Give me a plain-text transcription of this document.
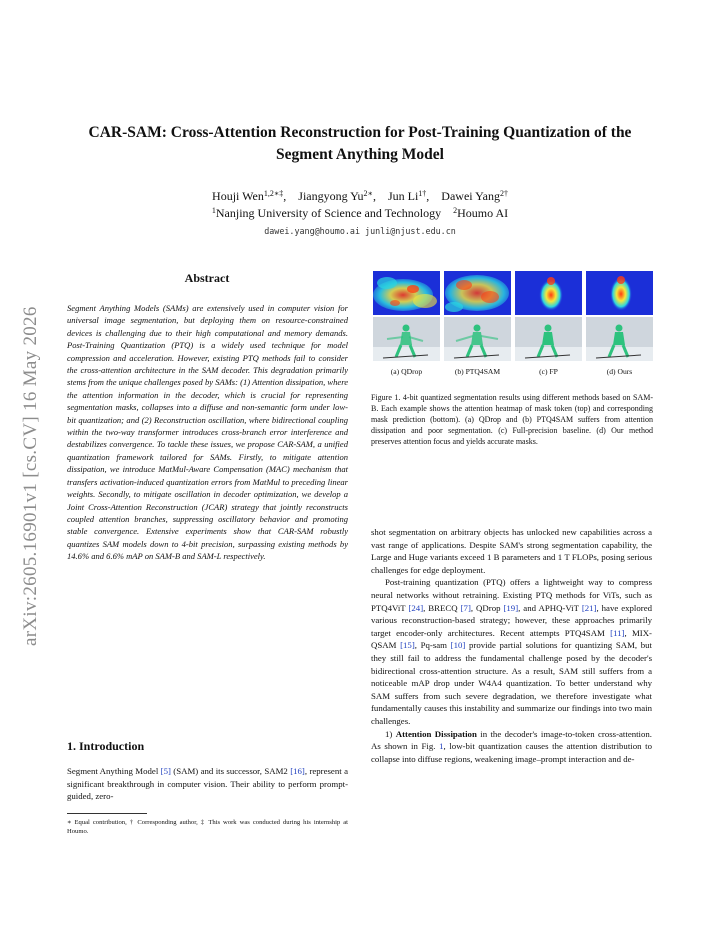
arXiv:2605.16901v1 [cs.CV] 16 May 2026
CAR-SAM: Cross-Attention Reconstruction for Post-Training Quantization of the Segment Anything Model
Houji Wen$^{1,2∗\ddagger}$,    Jiangyong $Yu^{2∗}$,    Jun $Li^{1\dagger}$,    Dawei Yang$^{2\dagger}$
$^1$Nanjing University of Science and Technology $^2$Houmo AI
dawei.yang@houmo.ai junli@njust.edu.cn
Abstract
Segment Anything Models (SAMs) are extensively used in computer vision for universal image segmentation, but deploying them on resource-constrained devices is challenging due to their high computational and memory demands. Post-Training Quantization (PTQ) is a widely used technique for model compression and acceleration. However, existing PTQ methods fail to consider the cross-attention architecture in the SAM decoder. This degradation primarily stems from the unique challenges posed by SAMs: (1) Attention dissipation, where the attention information in the decoder, which is crucial for representing segmentation masks, collapses into a diffuse and non-semantic form under low-bit quantization; and (2) Reconstruction oscillation, where bidirectional coupling within the two-way transformer introduces cross-branch error interference and destabilizes convergence. To tackle these issues, we propose CAR-SAM, a unified quantization framework tailored for SAMs. Firstly, to mitigate attention dissipation, we introduce MatMul-Aware Compensation (MAC) mechanism that transfers activation-induced quantization errors from MatMul to preceding linear weights. Secondly, to mitigate oscillation in decoder optimization, we develop a Joint Cross-Attention Reconstruction (JCAR) strategy that jointly reconstructs coupled attention branches, suppressing oscillatory behavior and promoting stable convergence. Extensive experiments show that CAR-SAM robustly quantizes SAM models down to 4-bit precision, surpassing existing methods by 14.6% and 6.6% mAP on SAM-B and SAM-L respectively.
1. Introduction
Segment Anything Model [5] (SAM) and its successor, SAM2 [16], represent a significant breakthrough in computer vision. Their ability to perform prompt-guided, zero-
∗ Equal contribution, † Corresponding author, ‡ This work was conducted during his internship at Houmo.
(a) QDrop	(b) PTQ4SAM	(c) FP	(d) Ours
Figure 1. 4-bit quantized segmentation results using different methods based on SAM-B. Each example shows the attention heatmap of mask token (top) and corresponding mask prediction (bottom). (a) QDrop and (b) PTQ4SAM suffers from attention dissipation and poor segmentation. (c) Full-precision baseline. (d) Our method preserves attention focus and yields accurate masks.

shot segmentation on arbitrary objects has unlocked new capabilities across a vast range of applications. Despite SAM's strong segmentation capability, the Large and Huge variants exceed 1 B parameters and 1 T FLOPs, posing serious challenges for edge deployment.

Post-training quantization (PTQ) offers a lightweight way to compress neural networks without retraining. Existing PTQ methods for ViTs, such as PTQ4ViT [24], BRECQ [7], QDrop [19], and APHQ-ViT [21], have explored various reconstruction-based strategy; however, these approaches primarily target encoder-only architectures. Recent attempts PTQ4SAM [11], MIX-QSAM [15], Pq-sam [10] provide partial solutions for quantizing SAM, but they still fail to address the fundamental challenge posed by the decoder's bidirectional cross-attention structure. As a result, SAM still suffers from a noticeable mAP drop under W4A4 quantization. To better understand why SAM suffers from such severe degradation, we therefore investigate what fundamentally causes this instability and summarize our findings into two main challenges.

1) Attention Dissipation in the decoder's image-to-token cross-attention. As shown in Fig. 1, low-bit quantization causes the attention distribution to collapse into diffuse regions, weakening image–prompt interaction and de-
